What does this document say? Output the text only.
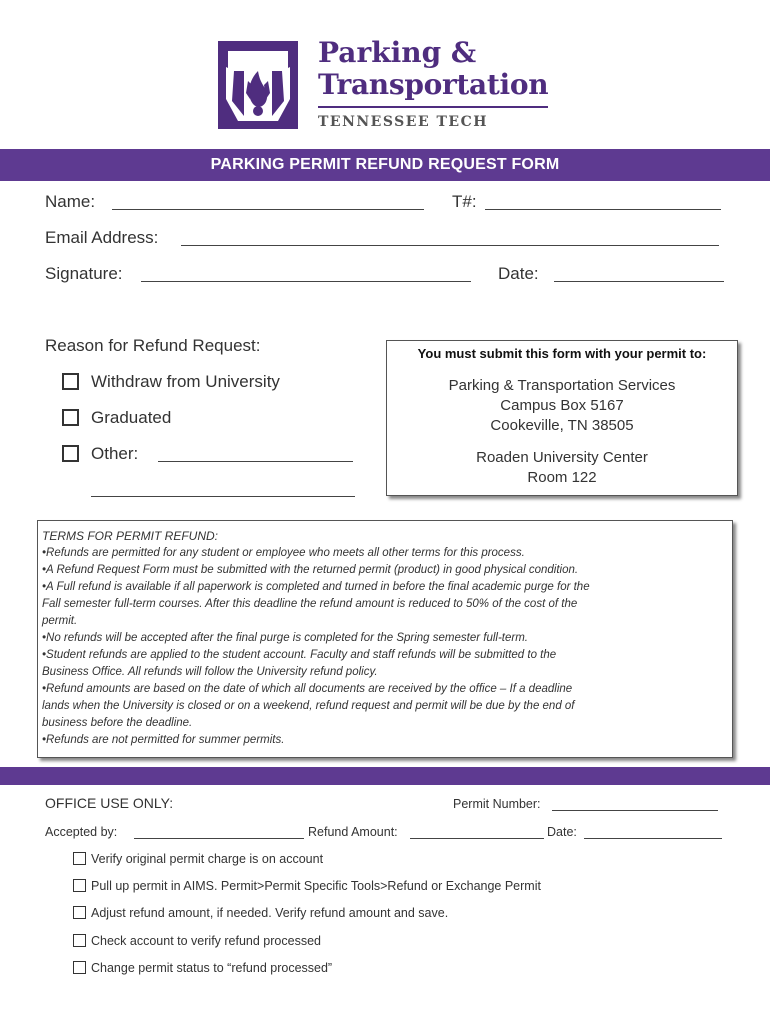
Parking &
Transportation
TENNESSEE TECH
PARKING PERMIT REFUND REQUEST FORM
Name:	T#:
Email Address:
Signature:	Date:
Reason for Refund Request:
Withdraw from University
Graduated
Other:
You must submit this form with your permit to:
Parking & Transportation Services
Campus Box 5167
Cookeville, TN 38505
Roaden University Center
Room 122

TERMS FOR PERMIT REFUND:

•Refunds are permitted for any student or employee who meets all other terms for this process.

•A Refund Request Form must be submitted with the returned permit (product) in good physical condition.

•A Full refund is available if all paperwork is completed and turned in before the final academic purge for the

Fall semester full-term courses. After this deadline the refund amount is reduced to 50% of the cost of the

permit.

•No refunds will be accepted after the final purge is completed for the Spring semester full-term.

•Student refunds are applied to the student account. Faculty and staff refunds will be submitted to the

Business Office. All refunds will follow the University refund policy.

•Refund amounts are based on the date of which all documents are received by the office – If a deadline

lands when the University is closed or on a weekend, refund request and permit will be due by the end of

business before the deadline.

•Refunds are not permitted for summer permits.

OFFICE USE ONLY:	Permit Number:
Accepted by:	Refund Amount:	Date:
Verify original permit charge is on account
Pull up permit in AIMS. Permit>Permit Specific Tools>Refund or Exchange Permit
Adjust refund amount, if needed. Verify refund amount and save.
Check account to verify refund processed
Change permit status to “refund processed”
